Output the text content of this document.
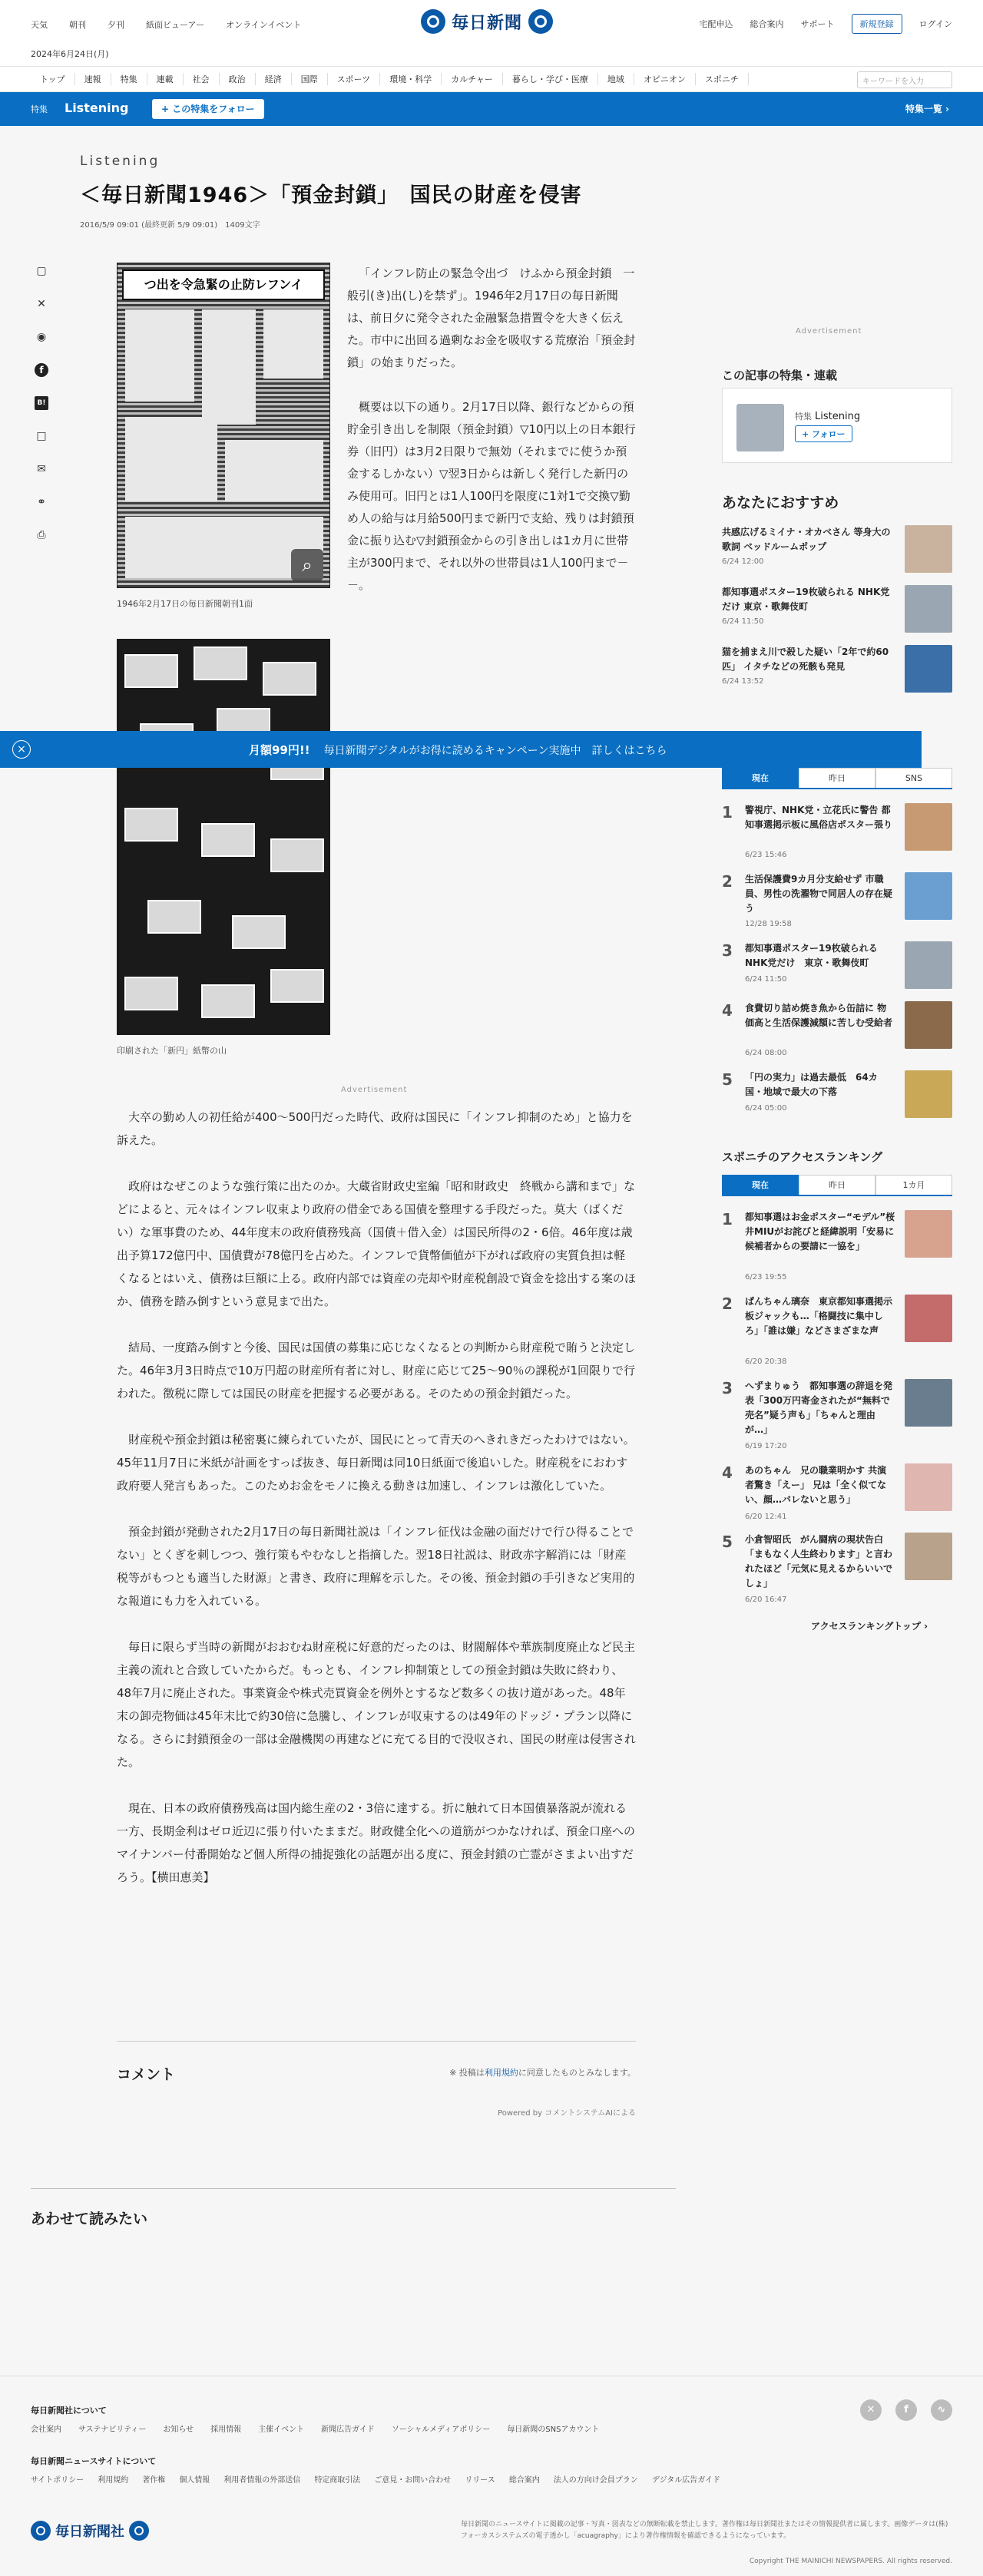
天気	朝刊	夕刊	紙面ビューアー	オンラインイベント	毎日新聞	宅配申込 総合案内 サポート	新規登録	ログイン
2024年6月24日(月)
トップ	速報	特集	連載	社会	政治	経済	国際	スポーツ	環境・科学	カルチャー	暮らし・学び・医療	地域	オピニオン	スポニチ	キーワードを入力
特集 Listening	+ この特集をフォロー	特集一覧 ›
Listening
＜毎日新聞1946＞「預金封鎖」　国民の財産を侵害
2016/5/9 09:01 (最終更新 5/9 09:01)　1409文字
▢
✕
◉
f
B!
□
✉
⚭
⎙
つ出を令急緊の止防レフンイ
⌕
1946年2月17日の毎日新聞朝刊1面
印刷された「新円」紙幣の山

「インフレ防止の緊急令出づ　けふから預金封鎖　一般引(き)出(し)を禁ず」。1946年2月17日の毎日新聞は、前日夕に発令された金融緊急措置令を大きく伝えた。市中に出回る過剰なお金を吸収する荒療治「預金封鎖」の始まりだった。

概要は以下の通り。2月17日以降、銀行などからの預貯金引き出しを制限（預金封鎖）▽10円以上の日本銀行券（旧円）は3月2日限りで無効（それまでに使うか預金するしかない）▽翌3日からは新しく発行した新円のみ使用可。旧円とは1人100円を限度に1対1で交換▽勤め人の給与は月給500円まで新円で支給、残りは封鎖預金に振り込む▽封鎖預金からの引き出しは1カ月に世帯主が300円まで、それ以外の世帯員は1人100円まで－－。

Advertisement
Advertisement
×	月額99円!! 毎日新聞デジタルがお得に読めるキャンペーン実施中　詳しくはこちら

大卒の勤め人の初任給が400～500円だった時代、政府は国民に「インフレ抑制のため」と協力を訴えた。

政府はなぜこのような強行策に出たのか。大蔵省財政史室編「昭和財政史　終戦から講和まで」などによると、元々はインフレ収束より政府の借金である国債を整理する手段だった。莫大（ばくだい）な軍事費のため、44年度末の政府債務残高（国債＋借入金）は国民所得の2・6倍。46年度は歳出予算172億円中、国債費が78億円を占めた。インフレで貨幣価値が下がれば政府の実質負担は軽くなるとはいえ、債務は巨額に上る。政府内部では資産の売却や財産税創設で資金を捻出する案のほか、債務を踏み倒すという意見まで出た。

結局、一度踏み倒すと今後、国民は国債の募集に応じなくなるとの判断から財産税で賄うと決定した。46年3月3日時点で10万円超の財産所有者に対し、財産に応じて25～90％の課税が1回限りで行われた。徴税に際しては国民の財産を把握する必要がある。そのための預金封鎖だった。

財産税や預金封鎖は秘密裏に練られていたが、国民にとって青天のへきれきだったわけではない。45年11月7日に米紙が計画をすっぱ抜き、毎日新聞は同10日紙面で後追いした。財産税をにおわす政府要人発言もあった。このためお金をモノに換える動きは加速し、インフレは激化していた。

預金封鎖が発動された2月17日の毎日新聞社説は「インフレ征伐は金融の面だけで行ひ得ることでない」とくぎを刺しつつ、強行策もやむなしと指摘した。翌18日社説は、財政赤字解消には「財産税等がもつとも適当した財源」と書き、政府に理解を示した。その後、預金封鎖の手引きなど実用的な報道にも力を入れている。

毎日に限らず当時の新聞がおおむね財産税に好意的だったのは、財閥解体や華族制度廃止など民主主義の流れと合致していたからだ。もっとも、インフレ抑制策としての預金封鎖は失敗に終わり、48年7月に廃止された。事業資金や株式売買資金を例外とするなど数多くの抜け道があった。48年末の卸売物価は45年末比で約30倍に急騰し、インフレが収束するのは49年のドッジ・プラン以降になる。さらに封鎖預金の一部は金融機関の再建などに充てる目的で没収され、国民の財産は侵害された。

現在、日本の政府債務残高は国内総生産の2・3倍に達する。折に触れて日本国債暴落説が流れる一方、長期金利はゼロ近辺に張り付いたままだ。財政健全化への道筋がつかなければ、預金口座へのマイナンバー付番開始など個人所得の捕捉強化の話題が出る度に、預金封鎖の亡霊がさまよい出すだろう。【横田恵美】

コメント	※ 投稿は利用規約に同意したものとみなします。
Powered by コメントシステムAIによる
あわせて読みたい
この記事の特集・連載
特集 Listening
+ フォロー
あなたにおすすめ
共感広げるミイナ・オカベさん 等身大の歌詞 ベッドルームポップ
6/24 12:00
都知事選ポスター19枚破られる NHK党だけ 東京・歌舞伎町
6/24 11:50
猫を捕まえ川で殺した疑い「2年で約60匹」 イタチなどの死骸も発見
6/24 13:52
現在	昨日	SNS
1 警視庁、NHK党・立花氏に警告 都知事選掲示板に風俗店ポスター張り
6/23 15:46
2 生活保護費9カ月分支給せず 市職員、男性の洗濯物で同居人の存在疑う
12/28 19:58
3 都知事選ポスター19枚破られる NHK党だけ　東京・歌舞伎町
6/24 11:50
4 食費切り詰め焼き魚から缶詰に 物価高と生活保護減額に苦しむ受給者
6/24 08:00
5 「円の実力」は過去最低　64カ国・地域で最大の下落
6/24 05:00
スポニチのアクセスランキング
現在	昨日	1カ月
1 都知事選はお金ポスター“モデル”桜井MIUがお詫びと経緯説明「安易に候補者からの要請に一協を」
6/23 19:55
2 ぱんちゃん璃奈　東京都知事選掲示板ジャックも…「格闘技に集中しろ」「誰は嫌」などさまざまな声
6/20 20:38
3 へずまりゅう　都知事選の辞退を発表「300万円寄金されたが“無料で売名”疑う声も」「ちゃんと理由が…」
6/19 17:20
4 あのちゃん　兄の職業明かす 共演者驚き「えー」 兄は「全く似てない、顔…バレないと思う」
6/20 12:41
5 小倉智昭氏　がん闘病の現状告白「まもなく人生終わります」と言われたほど「元気に見えるからいいでしょ」
6/20 16:47
アクセスランキングトップ ›
毎日新聞社について
会社案内 サステナビリティー お知らせ 採用情報 主催イベント 新聞広告ガイド ソーシャルメディアポリシー 毎日新聞のSNSアカウント
✕	f	∿
毎日新聞ニュースサイトについて
サイトポリシー 利用規約 著作権 個人情報 利用者情報の外部送信 特定商取引法 ご意見・お問い合わせ リリース 総合案内 法人の方向け会員プラン デジタル広告ガイド
毎日新聞社	毎日新聞のニュースサイトに掲載の記事・写真・図表などの無断転載を禁止します。著作権は毎日新聞社またはその情報提供者に属します。画像データは(株)フォーカスシステムズの電子透かし「acuagraphy」により著作権情報を確認できるようになっています。
Copyright THE MAINICHI NEWSPAPERS. All rights reserved.
